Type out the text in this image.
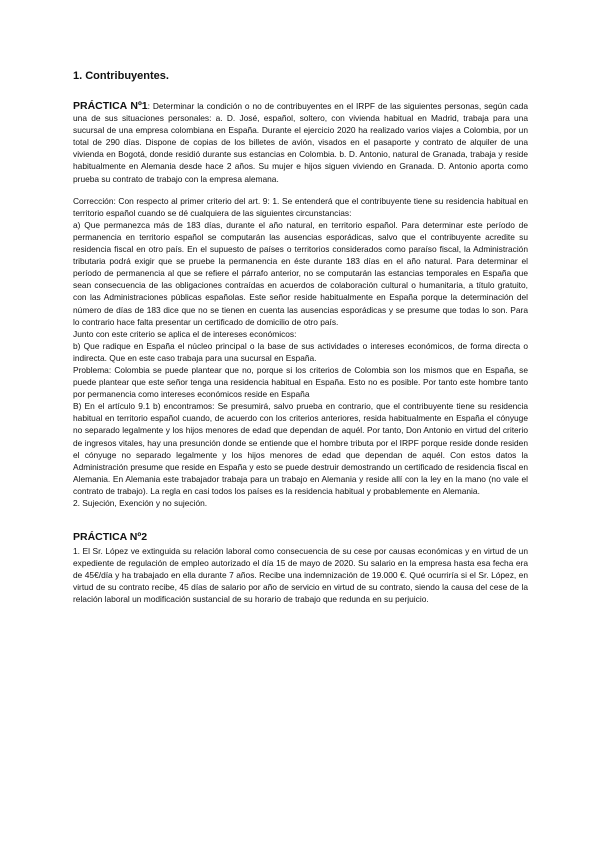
1. Contribuyentes.

PRÁCTICA Nº1: Determinar la condición o no de contribuyentes en el IRPF de las siguientes personas, según cada una de sus situaciones personales: a. D. José, español, soltero, con vivienda habitual en Madrid, trabaja para una sucursal de una empresa colombiana en España. Durante el ejercicio 2020 ha realizado varios viajes a Colombia, por un total de 290 días. Dispone de copias de los billetes de avión, visados en el pasaporte y contrato de alquiler de una vivienda en Bogotá, donde residió durante sus estancias en Colombia. b. D. Antonio, natural de Granada, trabaja y reside habitualmente en Alemania desde hace 2 años. Su mujer e hijos siguen viviendo en Granada. D. Antonio aporta como prueba su contrato de trabajo con la empresa alemana.

Corrección: Con respecto al primer criterio del art. 9: 1. Se entenderá que el contribuyente tiene su residencia habitual en territorio español cuando se dé cualquiera de las siguientes circunstancias:

a) Que permanezca más de 183 días, durante el año natural, en territorio español. Para determinar este período de permanencia en territorio español se computarán las ausencias esporádicas, salvo que el contribuyente acredite su residencia fiscal en otro país. En el supuesto de países o territorios considerados como paraíso fiscal, la Administración tributaria podrá exigir que se pruebe la permanencia en éste durante 183 días en el año natural. Para determinar el período de permanencia al que se refiere el párrafo anterior, no se computarán las estancias temporales en España que sean consecuencia de las obligaciones contraídas en acuerdos de colaboración cultural o humanitaria, a título gratuito, con las Administraciones públicas españolas. Este señor reside habitualmente en España porque la determinación del número de días de 183 dice que no se tienen en cuenta las ausencias esporádicas y se presume que todas lo son. Para lo contrario hace falta presentar un certificado de domicilio de otro país.

Junto con este criterio se aplica el de intereses económicos:

b) Que radique en España el núcleo principal o la base de sus actividades o intereses económicos, de forma directa o indirecta. Que en este caso trabaja para una sucursal en España.

Problema: Colombia se puede plantear que no, porque si los criterios de Colombia son los mismos que en España, se puede plantear que este señor tenga una residencia habitual en España. Esto no es posible. Por tanto este hombre tanto por permanencia como intereses económicos reside en España

B) En el artículo 9.1 b) encontramos: Se presumirá, salvo prueba en contrario, que el contribuyente tiene su residencia habitual en territorio español cuando, de acuerdo con los criterios anteriores, resida habitualmente en España el cónyuge no separado legalmente y los hijos menores de edad que dependan de aquél. Por tanto, Don Antonio en virtud del criterio de ingresos vitales, hay una presunción donde se entiende que el hombre tributa por el IRPF porque reside donde residen el cónyuge no separado legalmente y los hijos menores de edad que dependan de aquél. Con estos datos la Administración presume que reside en España y esto se puede destruir demostrando un certificado de residencia fiscal en Alemania. En Alemania este trabajador trabaja para un trabajo en Alemania y reside allí con la ley en la mano (no vale el contrato de trabajo). La regla en casi todos los países es la residencia habitual y probablemente en Alemania.

2. Sujeción, Exención y no sujeción.

PRÁCTICA Nº2

1. El Sr. López ve extinguida su relación laboral como consecuencia de su cese por causas económicas y en virtud de un expediente de regulación de empleo autorizado el día 15 de mayo de 2020. Su salario en la empresa hasta esa fecha era de 45€/día y ha trabajado en ella durante 7 años. Recibe una indemnización de 19.000 €. Qué ocurriría si el Sr. López, en virtud de su contrato recibe, 45 días de salario por año de servicio en virtud de su contrato, siendo la causa del cese de la relación laboral un modificación sustancial de su horario de trabajo que redunda en su perjuicio.
